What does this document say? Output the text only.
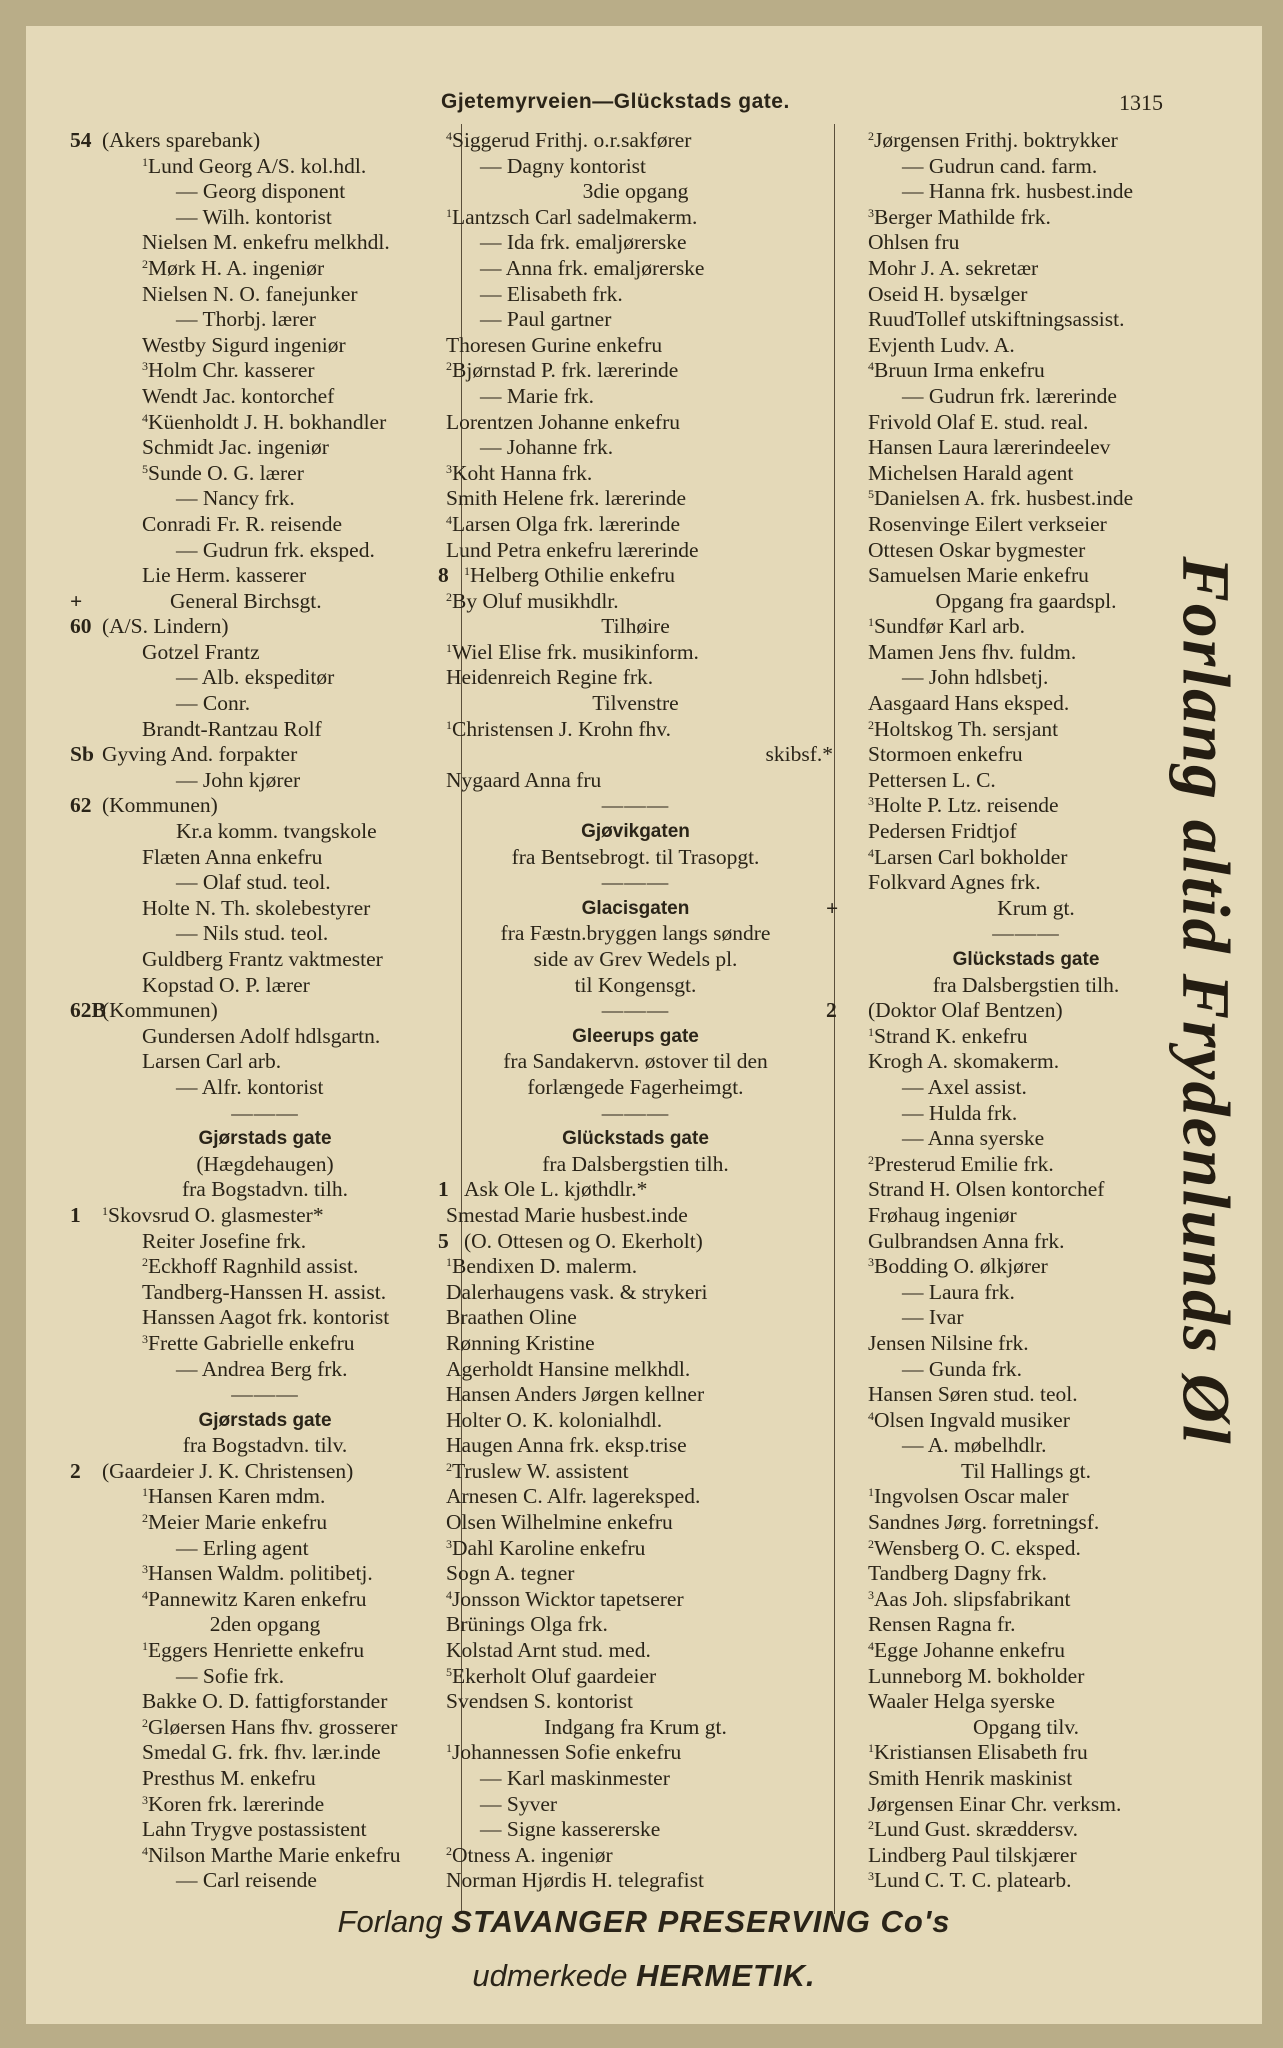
Gjetemyrveien—Glückstads gate.	1315
54 (Akers sparebank)
$^1$Lund Georg A/S. kol.hdl.
— Georg disponent
— Wilh. kontorist
Nielsen M. enkefru melkhdl.
$^2$Mørk H. A. ingeniør
Nielsen N. O. fanejunker
— Thorbj. lærer
Westby Sigurd ingeniør
$^3$Holm Chr. kasserer
Wendt Jac. kontorchef
$^4$Küenholdt J. H. bokhandler
Schmidt Jac. ingeniør
$^5$Sunde O. G. lærer
— Nancy frk.
Conradi Fr. R. reisende
— Gudrun frk. eksped.
Lie Herm. kasserer
+	General Birchsgt.
60 (A/S. Lindern)
Gotzel Frantz
— Alb. ekspeditør
— Conr.
Brandt-Rantzau Rolf
Sb Gyving And. forpakter
— John kjører
62 (Kommunen)
Kr.a komm. tvangskole
Flæten Anna enkefru
— Olaf stud. teol.
Holte N. Th. skolebestyrer
— Nils stud. teol.
Guldberg Frantz vaktmester
Kopstad O. P. lærer
62B
(Kommunen)
Gundersen Adolf hdlsgartn.
Larsen Carl arb.
— Alfr. kontorist
———
Gjørstads gate
(Hægdehaugen)
fra Bogstadvn. tilh.
1 $^1$Skovsrud O. glasmester*
Reiter Josefine frk.
$^2$Eckhoff Ragnhild assist.
Tandberg-Hanssen H. assist.
Hanssen Aagot frk. kontorist
$^3$Frette Gabrielle enkefru
— Andrea Berg frk.
———
Gjørstads gate
fra Bogstadvn. tilv.
2 (Gaardeier J. K. Christensen)
$^1$Hansen Karen mdm.
$^2$Meier Marie enkefru
— Erling agent
$^3$Hansen Waldm. politibetj.
$^4$Pannewitz Karen enkefru
2den opgang
$^1$Eggers Henriette enkefru
— Sofie frk.
Bakke O. D. fattigforstander
$^2$Gløersen Hans fhv. grosserer
Smedal G. frk. fhv. lær.inde
Presthus M. enkefru
$^3$Koren frk. lærerinde
Lahn Trygve postassistent
$^4$Nilson Marthe Marie enkefru
— Carl reisende
$^4$Siggerud Frithj. o.r.sakfører
— Dagny kontorist
3die opgang
$^1$Lantzsch Carl sadelmakerm.
— Ida frk. emaljørerske
— Anna frk. emaljørerske
— Elisabeth frk.
— Paul gartner
Thoresen Gurine enkefru
$^2$Bjørnstad P. frk. lærerinde
— Marie frk.
Lorentzen Johanne enkefru
— Johanne frk.
$^3$Koht Hanna frk.
Smith Helene frk. lærerinde
$^4$Larsen Olga frk. lærerinde
Lund Petra enkefru lærerinde
8 $^1$Helberg Othilie enkefru
$^2$By Oluf musikhdlr.
Tilhøire
$^1$Wiel Elise frk. musikinform.
Heidenreich Regine frk.
Tilvenstre
$^1$Christensen J. Krohn fhv.
skibsf.*
Nygaard Anna fru
———
Gjøvikgaten
fra Bentsebrogt. til Trasopgt.
———
Glacisgaten
fra Fæstn.bryggen langs søndre
side av Grev Wedels pl.
til Kongensgt.
———
Gleerups gate
fra Sandakervn. østover til den
forlængede Fagerheimgt.
———
Glückstads gate
fra Dalsbergstien tilh.
1 Ask Ole L. kjøthdlr.*
Smestad Marie husbest.inde
5 (O. Ottesen og O. Ekerholt)
$^1$Bendixen D. malerm.
Dalerhaugens vask. & strykeri
Braathen Oline
Rønning Kristine
Agerholdt Hansine melkhdl.
Hansen Anders Jørgen kellner
Holter O. K. kolonialhdl.
Haugen Anna frk. eksp.trise
$^2$Truslew W. assistent
Arnesen C. Alfr. lagereksped.
Olsen Wilhelmine enkefru
$^3$Dahl Karoline enkefru
Sogn A. tegner
$^4$Jonsson Wicktor tapetserer
Brünings Olga frk.
Kolstad Arnt stud. med.
$^5$Ekerholt Oluf gaardeier
Svendsen S. kontorist
Indgang fra Krum gt.
$^1$Johannessen Sofie enkefru
— Karl maskinmester
— Syver
— Signe kassererske
$^2$Otness A. ingeniør
Norman Hjørdis H. telegrafist
$^2$Jørgensen Frithj. boktrykker
— Gudrun cand. farm.
— Hanna frk. husbest.inde
$^3$Berger Mathilde frk.
Ohlsen fru
Mohr J. A. sekretær
Oseid H. bysælger
RuudTollef utskiftningsassist.
Evjenth Ludv. A.
$^4$Bruun Irma enkefru
— Gudrun frk. lærerinde
Frivold Olaf E. stud. real.
Hansen Laura lærerindeelev
Michelsen Harald agent
$^5$Danielsen A. frk. husbest.inde
Rosenvinge Eilert verkseier
Ottesen Oskar bygmester
Samuelsen Marie enkefru
Opgang fra gaardspl.
$^1$Sundfør Karl arb.
Mamen Jens fhv. fuldm.
— John hdlsbetj.
Aasgaard Hans eksped.
$^2$Holtskog Th. sersjant
Stormoen enkefru
Pettersen L. C.
$^3$Holte P. Ltz. reisende
Pedersen Fridtjof
$^4$Larsen Carl bokholder
Folkvard Agnes frk.
+	Krum gt.
———
Glückstads gate
fra Dalsbergstien tilh.
2 (Doktor Olaf Bentzen)
$^1$Strand K. enkefru
Krogh A. skomakerm.
— Axel assist.
— Hulda frk.
— Anna syerske
$^2$Presterud Emilie frk.
Strand H. Olsen kontorchef
Frøhaug ingeniør
Gulbrandsen Anna frk.
$^3$Bodding O. ølkjører
— Laura frk.
— Ivar
Jensen Nilsine frk.
— Gunda frk.
Hansen Søren stud. teol.
$^4$Olsen Ingvald musiker
— A. møbelhdlr.
Til Hallings gt.
$^1$Ingvolsen Oscar maler
Sandnes Jørg. forretningsf.
$^2$Wensberg O. C. eksped.
Tandberg Dagny frk.
$^3$Aas Joh. slipsfabrikant
Rensen Ragna fr.
$^4$Egge Johanne enkefru
Lunneborg M. bokholder
Waaler Helga syerske
Opgang tilv.
$^1$Kristiansen Elisabeth fru
Smith Henrik maskinist
Jørgensen Einar Chr. verksm.
$^2$Lund Gust. skræddersv.
Lindberg Paul tilskjærer
$^3$Lund C. T. C. platearb.
Forlang altid Frydenlunds Øl
Forlang STAVANGER PRESERVING Co's
udmerkede HERMETIK.
